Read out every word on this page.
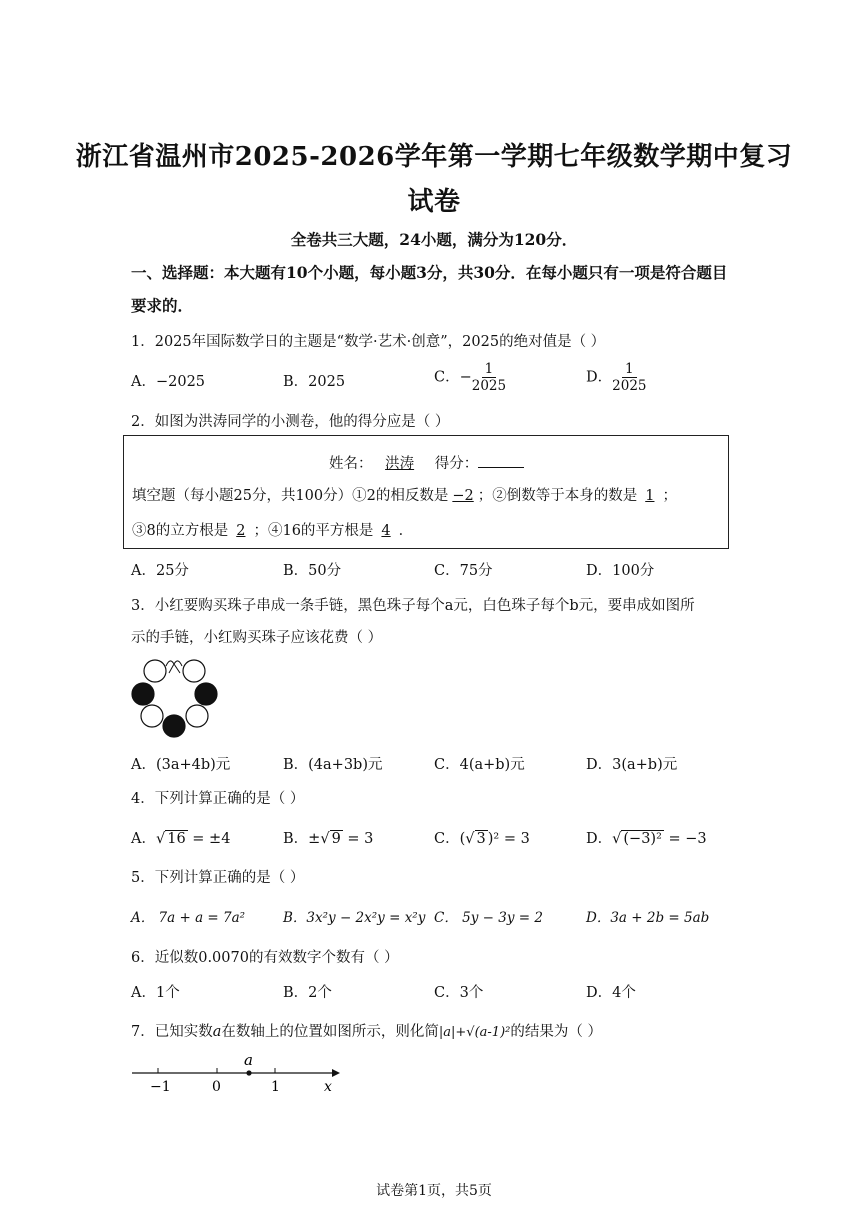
浙江省温州市2025-2026学年第一学期七年级数学期中复习
试卷
全卷共三大题，24小题，满分为120分．
一、选择题：本大题有10个小题，每小题3分，共30分．在每小题只有一项是符合题目要求的．
1．2025年国际数学日的主题是“数学·艺术·创意”，2025的绝对值是（ ）
A．−2025	B．2025	C．− $\frac{1}{2025}$	D． $\frac{1}{2025}$
2．如图为洪涛同学的小测卷，他的得分应是（ ）
姓名： 洪涛 得分：
填空题（每小题25分，共100分）①2的相反数是 −2 ；②倒数等于本身的数是 1 ；
③8的立方根是 2 ；④16的平方根是 4 ．
A．25分	B．50分	C．75分	D．100分
3．小红要购买珠子串成一条手链，黑色珠子每个a元，白色珠子每个b元，要串成如图所
示的手链，小红购买珠子应该花费（ ）
A．(3a+4b)元	B．(4a+3b)元	C．4(a+b)元	D．3(a+b)元
4．下列计算正确的是（ ）
A．√ 16 = ±4	B．±√ 9 = 3	C．(√ 3 )² = 3	D．√ (−3)² = −3
5．下列计算正确的是（ ）
A． 7a + a = 7a²	B．3x²y − 2x²y = x²y C． 5y − 3y = 2	D．3a + 2b = 5ab
6．近似数0.0070的有效数字个数有（ ）
A．1个	B．2个	C．3个	D．4个
7．已知实数a在数轴上的位置如图所示，则化简|a|+√(a-1)²的结果为（ ）
−1	0	1	x
a
试卷第1页，共5页
